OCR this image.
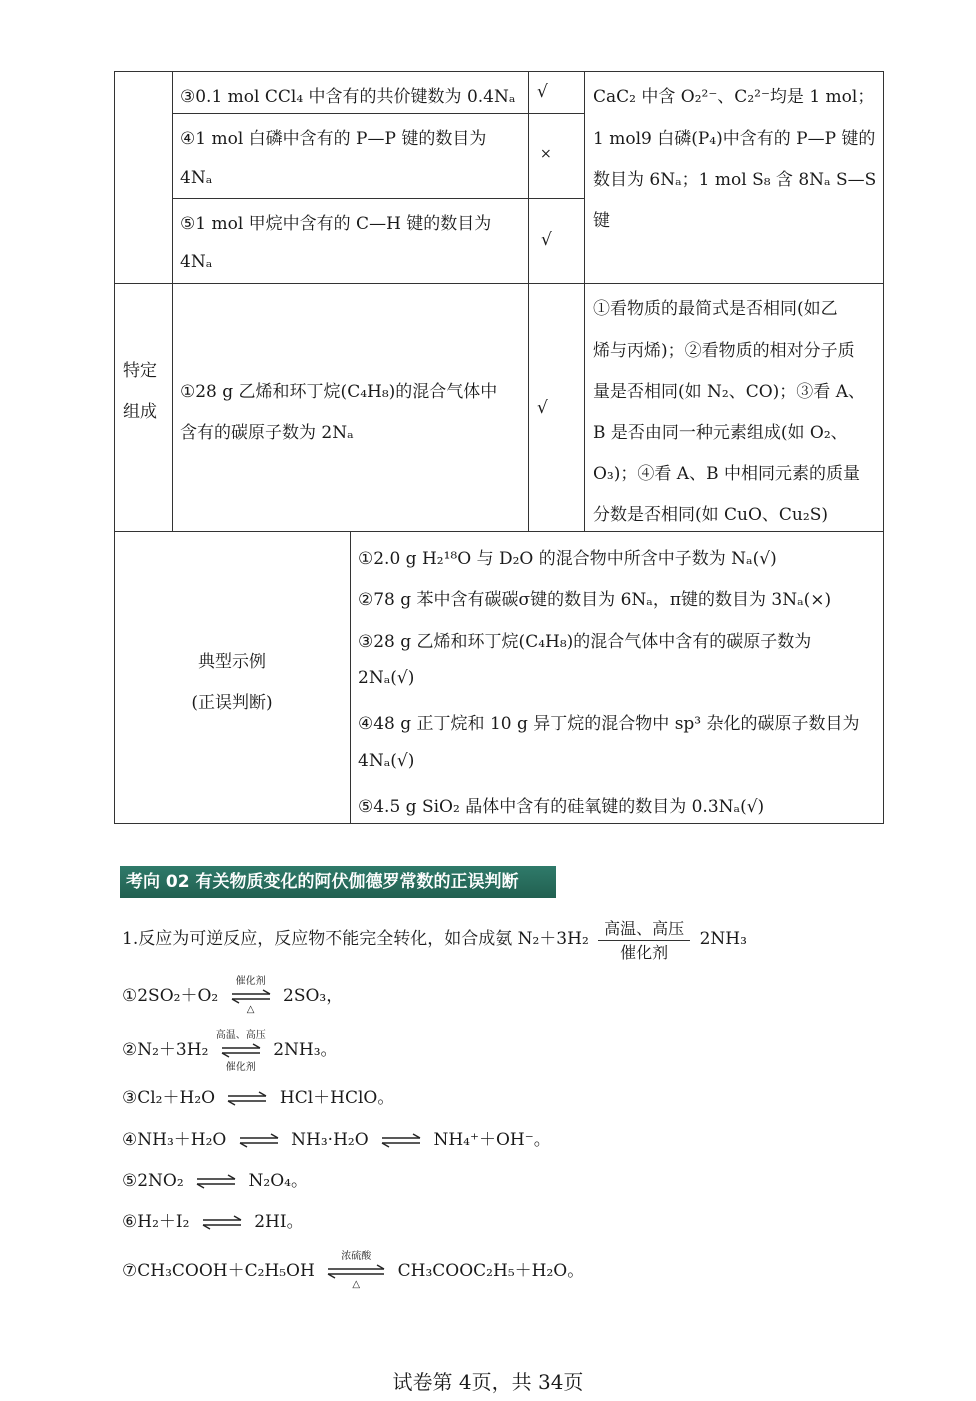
③0.1 mol CCl₄ 中含有的共价键数为 0.4Nₐ
④1 mol 白磷中含有的 P—P 键的数目为
4Nₐ
⑤1 mol 甲烷中含有的 C—H 键的数目为
4Nₐ
√
×
√
CaC₂ 中含 O₂²⁻、C₂²⁻均是 1 mol；
1 mol9 白磷(P₄)中含有的 P—P 键的
数目为 6Nₐ；1 mol S₈ 含 8Nₐ S—S
键
特定
组成
①28 g 乙烯和环丁烷(C₄H₈)的混合气体中
含有的碳原子数为 2Nₐ
√
①看物质的最简式是否相同(如乙
烯与丙烯)；②看物质的相对分子质
量是否相同(如 N₂、CO)；③看 A、
B 是否由同一种元素组成(如 O₂、
O₃)；④看 A、B 中相同元素的质量
分数是否相同(如 CuO、Cu₂S)
典型示例
(正误判断)
①2.0 g H₂¹⁸O 与 D₂O 的混合物中所含中子数为 Nₐ(√)
②78 g 苯中含有碳碳σ键的数目为 6Nₐ，π键的数目为 3Nₐ(×)
③28 g 乙烯和环丁烷(C₄H₈)的混合气体中含有的碳原子数为
2Nₐ(√)
④48 g 正丁烷和 10 g 异丁烷的混合物中 sp³ 杂化的碳原子数目为
4Nₐ(√)
⑤4.5 g SiO₂ 晶体中含有的硅氧键的数目为 0.3Nₐ(√)
考向 02 有关物质变化的阿伏伽德罗常数的正误判断
1.反应为可逆反应，反应物不能完全转化，如合成氨 N₂＋3H₂
高温、高压
催化剂
2NH₃
①2SO₂＋O₂
催化剂
△
2SO₃，
②N₂＋3H₂
高温、高压
催化剂
2NH₃。
③Cl₂＋H₂O ⇌ HCl＋HClO。
④NH₃＋H₂O ⇌ NH₃·H₂O ⇌ NH₄⁺＋OH⁻。
⑤2NO₂ ⇌ N₂O₄。
⑥H₂＋I₂ ⇌ 2HI。
⑦CH₃COOH＋C₂H₅OH
浓硫酸
△
CH₃COOC₂H₅＋H₂O。
试卷第 4页，共 34页
